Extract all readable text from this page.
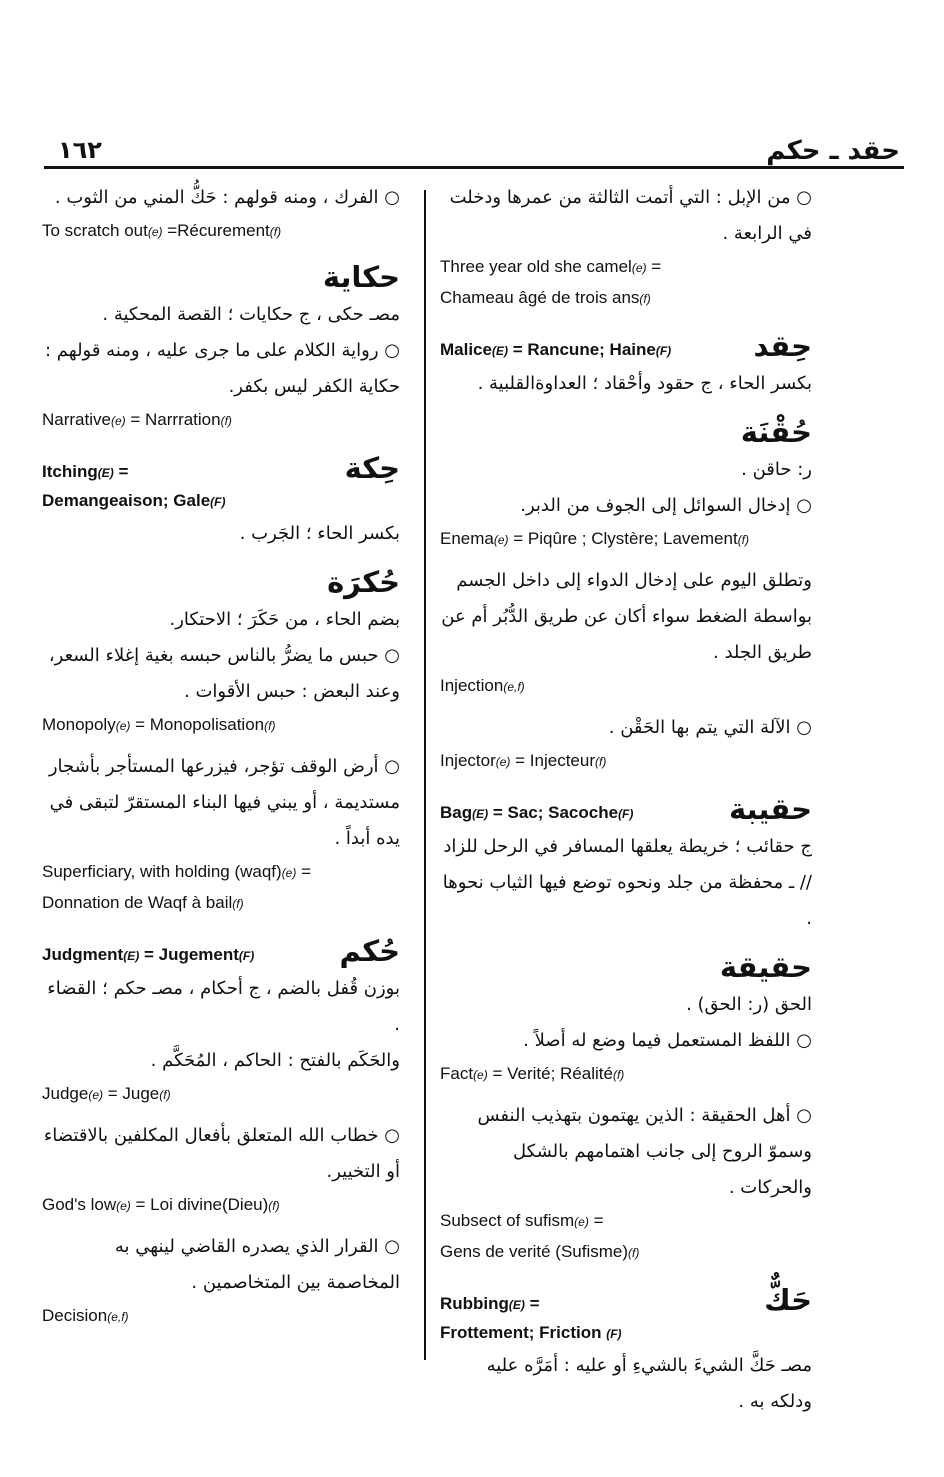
١٦٢	حقد ـ حكم
○ الفرك ، ومنه قولهم : حَكُّ المني من الثوب .
To scratch out(e) =Récurement(f)
حكاية
مصـ حكى ، ج حكايات ؛ القصة المحكية .
○ رواية الكلام على ما جرى عليه ، ومنه قولهم : حكاية الكفر ليس بكفر.
Narrative(e) = Narrration(f)
Itching(E) =
Demangeaison; Gale(F)
حِكة
بكسر الحاء ؛ الجَرب .
حُكرَة
بضم الحاء ، من حَكَرَ ؛ الاحتكار.
○ حبس ما يضرُّ بالناس حبسه بغية إغلاء السعر، وعند البعض : حبس الأقوات .
Monopoly(e) = Monopolisation(f)
○ أرض الوقف تؤجر، فيزرعها المستأجر بأشجار مستديمة ، أو يبني فيها البناء المستقرّ لتبقى في يده أبداً .
Superficiary, with holding (waqf)(e) =
Donnation de Waqf à bail(f)
Judgment(E) = Jugement(F)	حُكم
بوزن قُفل بالضم ، ج أحكام ، مصـ حكم ؛ القضاء .
والحَكَم بالفتح : الحاكم ، المُحَكَّم .
Judge(e) = Juge(f)
○ خطاب الله المتعلق بأفعال المكلفين بالاقتضاء أو التخيير.
God's low(e) = Loi divine(Dieu)(f)
○ القرار الذي يصدره القاضي لينهي به المخاصمة بين المتخاصمين .
Decision(e,f)
○ من الإبل : التي أتمت الثالثة من عمرها ودخلت في الرابعة .
Three year old she camel(e) =
Chameau âgé de trois ans(f)
Malice(E) = Rancune; Haine(F)	حِقد
بكسر الحاء ، ج حقود وأحْقاد ؛ العداوةالقلبية .
حُقْنَة
ر: حاقن .
○ إدخال السوائل إلى الجوف من الدبر.
Enema(e) = Piqûre ; Clystère; Lavement(f)
وتطلق اليوم على إدخال الدواء إلى داخل الجسم بواسطة الضغط سواء أكان عن طريق الدُّبُر أم عن طريق الجلد .
Injection(e,f)
○ الآلة التي يتم بها الحَقْن .
Injector(e) = Injecteur(f)
Bag(E) = Sac; Sacoche(F)	حقيبة
ج حقائب ؛ خريطة يعلقها المسافر في الرحل للزاد // ـ محفظة من جلد ونحوه توضع فيها الثياب نحوها .
حقيقة
الحق (ر: الحق) .
○ اللفظ المستعمل فيما وضع له أصلاً .
Fact(e) = Verité; Réalité(f)
○ أهل الحقيقة : الذين يهتمون بتهذيب النفس وسموّ الروح إلى جانب اهتمامهم بالشكل والحركات .
Subsect of sufism(e) =
Gens de verité (Sufisme)(f)
Rubbing(E) =
Frottement; Friction (F)
حَكٌّ
مصـ حَكَّ الشيءَ بالشيءِ أو عليه : أمَرَّه عليه ودلكه به .
